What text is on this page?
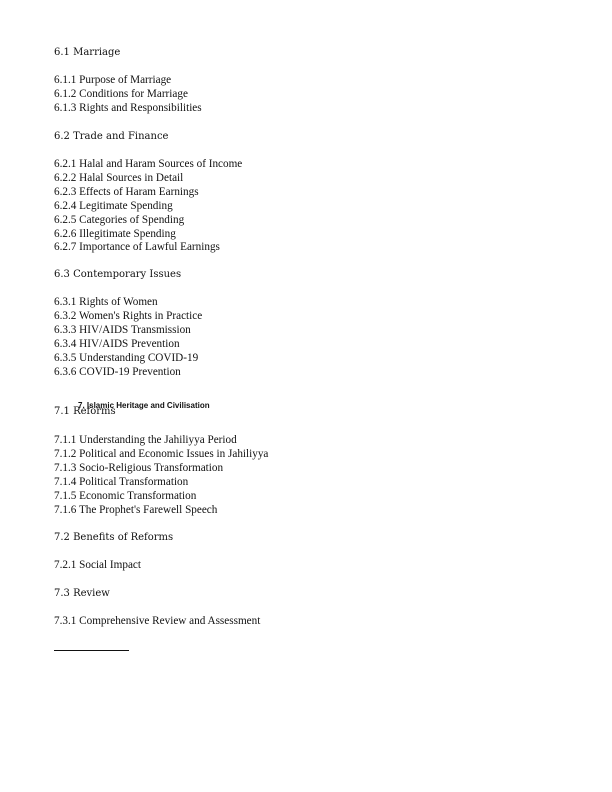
6.1 Marriage

6.1.1 Purpose of Marriage

6.1.2 Conditions for Marriage

6.1.3 Rights and Responsibilities

6.2 Trade and Finance

6.2.1 Halal and Haram Sources of Income

6.2.2 Halal Sources in Detail

6.2.3 Effects of Haram Earnings

6.2.4 Legitimate Spending

6.2.5 Categories of Spending

6.2.6 Illegitimate Spending

6.2.7 Importance of Lawful Earnings

6.3 Contemporary Issues

6.3.1 Rights of Women

6.3.2 Women's Rights in Practice

6.3.3 HIV/AIDS Transmission

6.3.4 HIV/AIDS Prevention

6.3.5 Understanding COVID-19

6.3.6 COVID-19 Prevention

7. Islamic Heritage and Civilisation

7.1 Reforms

7.1.1 Understanding the Jahiliyya Period

7.1.2 Political and Economic Issues in Jahiliyya

7.1.3 Socio-Religious Transformation

7.1.4 Political Transformation

7.1.5 Economic Transformation

7.1.6 The Prophet's Farewell Speech

7.2 Benefits of Reforms

7.2.1 Social Impact

7.3 Review

7.3.1 Comprehensive Review and Assessment
